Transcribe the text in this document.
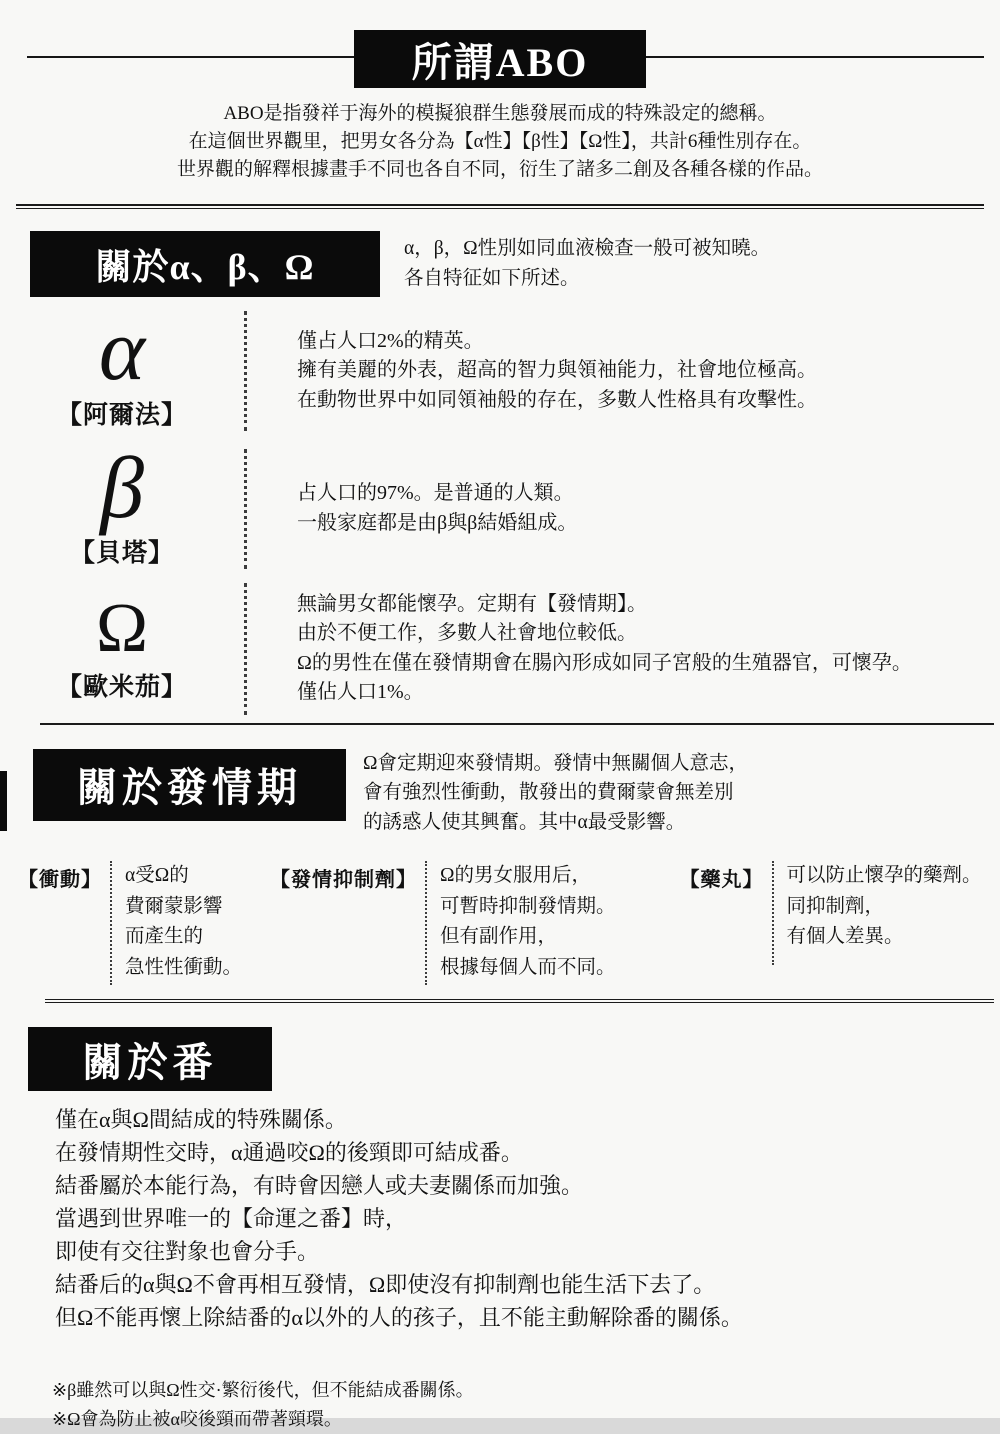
所謂ABO
ABO是指發祥于海外的模擬狼群生態發展而成的特殊設定的總稱。
在這個世界觀里，把男女各分為【α性】【β性】【Ω性】，共計6種性別存在。
世界觀的解釋根據畫手不同也各自不同，衍生了諸多二創及各種各樣的作品。
關於α、β、Ω	α，β，Ω性別如同血液檢查一般可被知曉。
各自特征如下所述。
α
【阿爾法】
僅占人口2%的精英。
擁有美麗的外表，超高的智力與領袖能力，社會地位極高。
在動物世界中如同領袖般的存在，多數人性格具有攻擊性。
β
【貝塔】
占人口的97%。是普通的人類。
一般家庭都是由β與β結婚組成。
Ω
【歐米茄】
無論男女都能懷孕。定期有【發情期】。
由於不便工作，多數人社會地位較低。
Ω的男性在僅在發情期會在腸內形成如同子宮般的生殖器官，可懷孕。
僅佔人口1%。
關於發情期
Ω會定期迎來發情期。發情中無關個人意志，
會有強烈性衝動，散發出的費爾蒙會無差別
的誘惑人使其興奮。其中α最受影響。
【衝動】 α受Ω的
費爾蒙影響
而產生的
急性性衝動。
【發情抑制劑】 Ω的男女服用后，
可暫時抑制發情期。
但有副作用，
根據每個人而不同。
【藥丸】 可以防止懷孕的藥劑。
同抑制劑，
有個人差異。
關於番
僅在α與Ω間結成的特殊關係。
在發情期性交時，α通過咬Ω的後頸即可結成番。
結番屬於本能行為，有時會因戀人或夫妻關係而加強。
當遇到世界唯一的【命運之番】時，
即使有交往對象也會分手。
結番后的α與Ω不會再相互發情，Ω即使沒有抑制劑也能生活下去了。
但Ω不能再懷上除結番的α以外的人的孩子，且不能主動解除番的關係。
※β雖然可以與Ω性交·繁衍後代，但不能結成番關係。
※Ω會為防止被α咬後頸而帶著頸環。
